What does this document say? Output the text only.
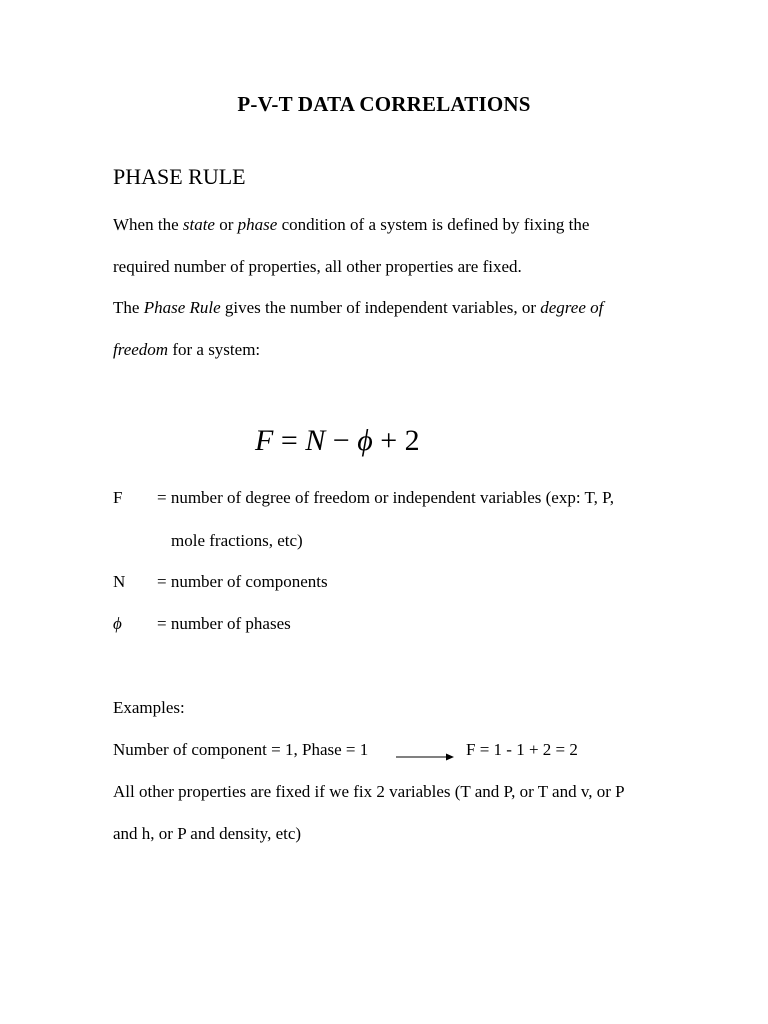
P-V-T DATA CORRELATIONS
PHASE RULE
When the state or phase condition of a system is defined by fixing the
required number of properties, all other properties are fixed.
The Phase Rule gives the number of independent variables, or degree of
freedom for a system:
F = N − ϕ + 2
F = number of degree of freedom or independent variables (exp: T, P,
mole fractions, etc)
N = number of components
ϕ = number of phases
Examples:
Number of component = 1, Phase = 1	F = 1 - 1 + 2 = 2
All other properties are fixed if we fix 2 variables (T and P, or T and v, or P
and h, or P and density, etc)
